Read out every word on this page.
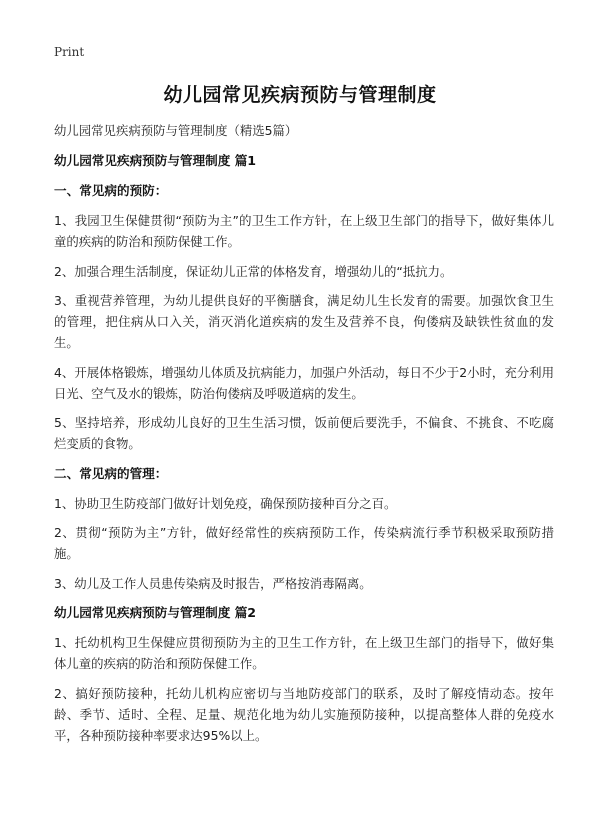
Print
幼儿园常见疾病预防与管理制度

幼儿园常见疾病预防与管理制度（精选5篇）

幼儿园常见疾病预防与管理制度 篇1

一、常见病的预防：

1、我园卫生保健贯彻“预防为主”的卫生工作方针，在上级卫生部门的指导下，做好集体儿童的疾病的防治和预防保健工作。

2、加强合理生活制度，保证幼儿正常的体格发育，增强幼儿的“抵抗力。

3、重视营养管理，为幼儿提供良好的平衡膳食，满足幼儿生长发育的需要。加强饮食卫生的管理，把住病从口入关，消灭消化道疾病的发生及营养不良，佝偻病及缺铁性贫血的发生。

4、开展体格锻炼，增强幼儿体质及抗病能力，加强户外活动，每日不少于2小时，充分利用日光、空气及水的锻炼，防治佝偻病及呼吸道病的发生。

5、坚持培养，形成幼儿良好的卫生生活习惯，饭前便后要洗手，不偏食、不挑食、不吃腐烂变质的食物。

二、常见病的管理：

1、协助卫生防疫部门做好计划免疫，确保预防接种百分之百。

2、贯彻“预防为主”方针，做好经常性的疾病预防工作，传染病流行季节积极采取预防措施。

3、幼儿及工作人员患传染病及时报告，严格按消毒隔离。

幼儿园常见疾病预防与管理制度 篇2

1、托幼机构卫生保健应贯彻预防为主的卫生工作方针，在上级卫生部门的指导下，做好集体儿童的疾病的防治和预防保健工作。

2、搞好预防接种，托幼儿机构应密切与当地防疫部门的联系，及时了解疫情动态。按年龄、季节、适时、全程、足量、规范化地为幼儿实施预防接种，以提高整体人群的免疫水平，各种预防接种率要求达95%以上。
